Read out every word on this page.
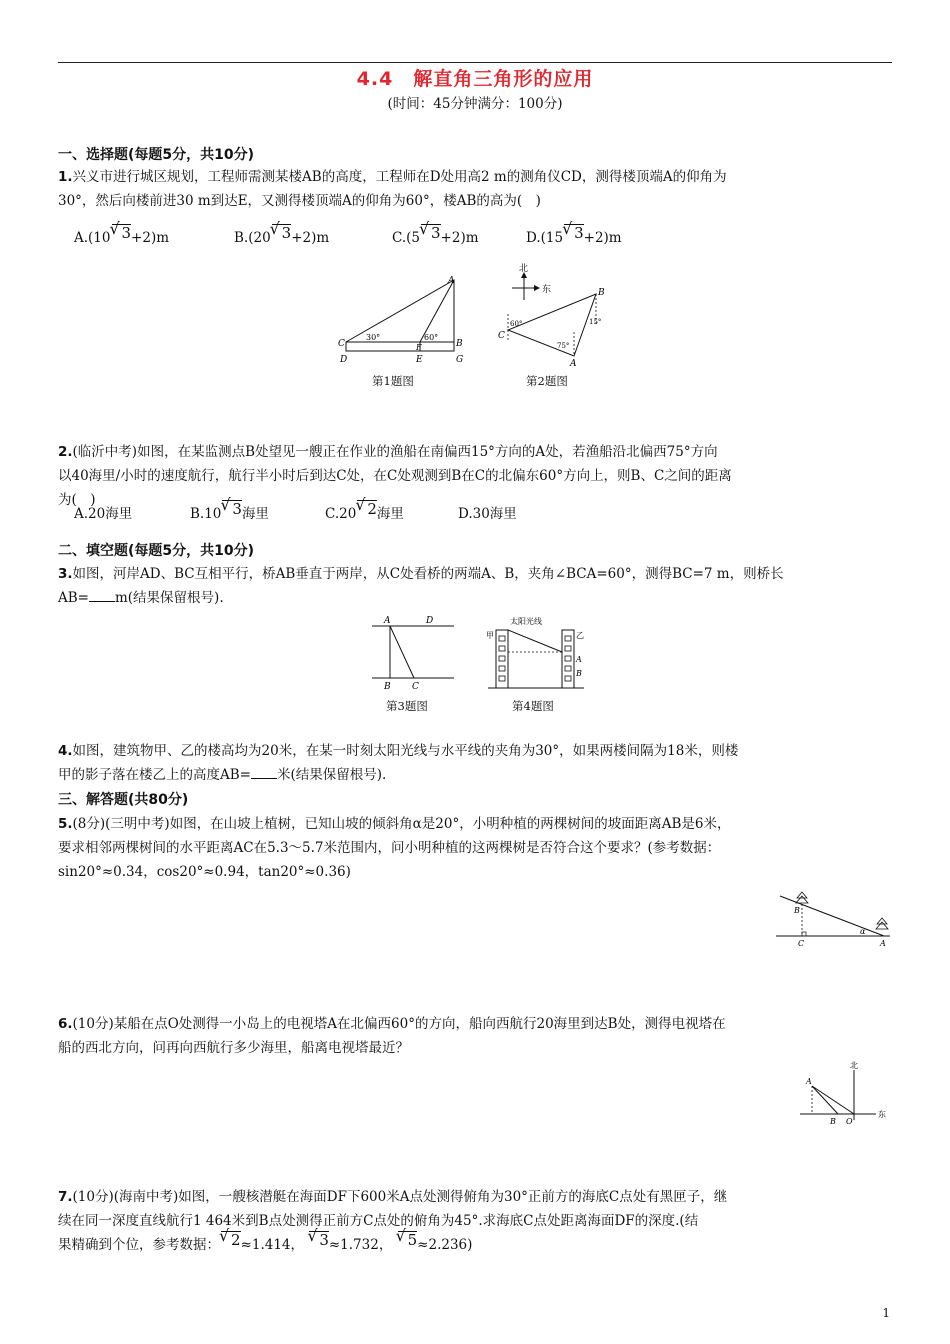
4.4　解直角三角形的应用
(时间：45分钟满分：100分)
一、选择题(每题5分，共10分)
1.兴义市进行城区规划，工程师需测某楼AB的高度，工程师在D处用高2 m的测角仪CD，测得楼顶端A的仰角为
30°，然后向楼前进30 m到达E，又测得楼顶端A的仰角为60°，楼AB的高为(　)
A.(10 √ 3+2)m	B.(20 √ 3+2)m	C.(5 √ 3+2)m	D.(15 √ 3+2)m
A
C
D	E
F	B
G
30°	60°
第1题图
北
东	B
C
A
60°
75°
15°
第2题图
2.(临沂中考)如图，在某监测点B处望见一艘正在作业的渔船在南偏西15°方向的A处，若渔船沿北偏西75°方向
以40海里/小时的速度航行，航行半小时后到达C处，在C处观测到B在C的北偏东60°方向上，则B、C之间的距离
为(　)
A.20海里	B.10 √ 3海里	C.20 √ 2海里	D.30海里
二、填空题(每题5分，共10分)
3.如图，河岸AD、BC互相平行，桥AB垂直于两岸，从C处看桥的两端A、B，夹角∠BCA=60°，测得BC=7 m，则桥长
AB= m(结果保留根号).
A	D
B C
第3题图
太阳光线
甲	乙
A
B
第4题图
4.如图，建筑物甲、乙的楼高均为20米，在某一时刻太阳光线与水平线的夹角为30°，如果两楼间隔为18米，则楼
甲的影子落在楼乙上的高度AB= 米(结果保留根号).
三、解答题(共80分)
5.(8分)(三明中考)如图，在山坡上植树，已知山坡的倾斜角α是20°，小明种植的两棵树间的坡面距离AB是6米，
要求相邻两棵树间的水平距离AC在5.3～5.7米范围内，问小明种植的这两棵树是否符合这个要求？(参考数据：
sin20°≈0.34，cos20°≈0.94，tan20°≈0.36)
B
C	A
α
6.(10分)某船在点O处测得一小岛上的电视塔A在北偏西60°的方向，船向西航行20海里到达B处，测得电视塔在
船的西北方向，问再向西航行多少海里，船离电视塔最近？
北
东
A
B O
7.(10分)(海南中考)如图，一艘核潜艇在海面DF下600米A点处测得俯角为30°正前方的海底C点处有黑匣子，继
续在同一深度直线航行1 464米到B点处测得正前方C点处的俯角为45°.求海底C点处距离海面DF的深度.(结
果精确到个位，参考数据： √ 2≈1.414， √ 3≈1.732， √ 5≈2.236)
1
